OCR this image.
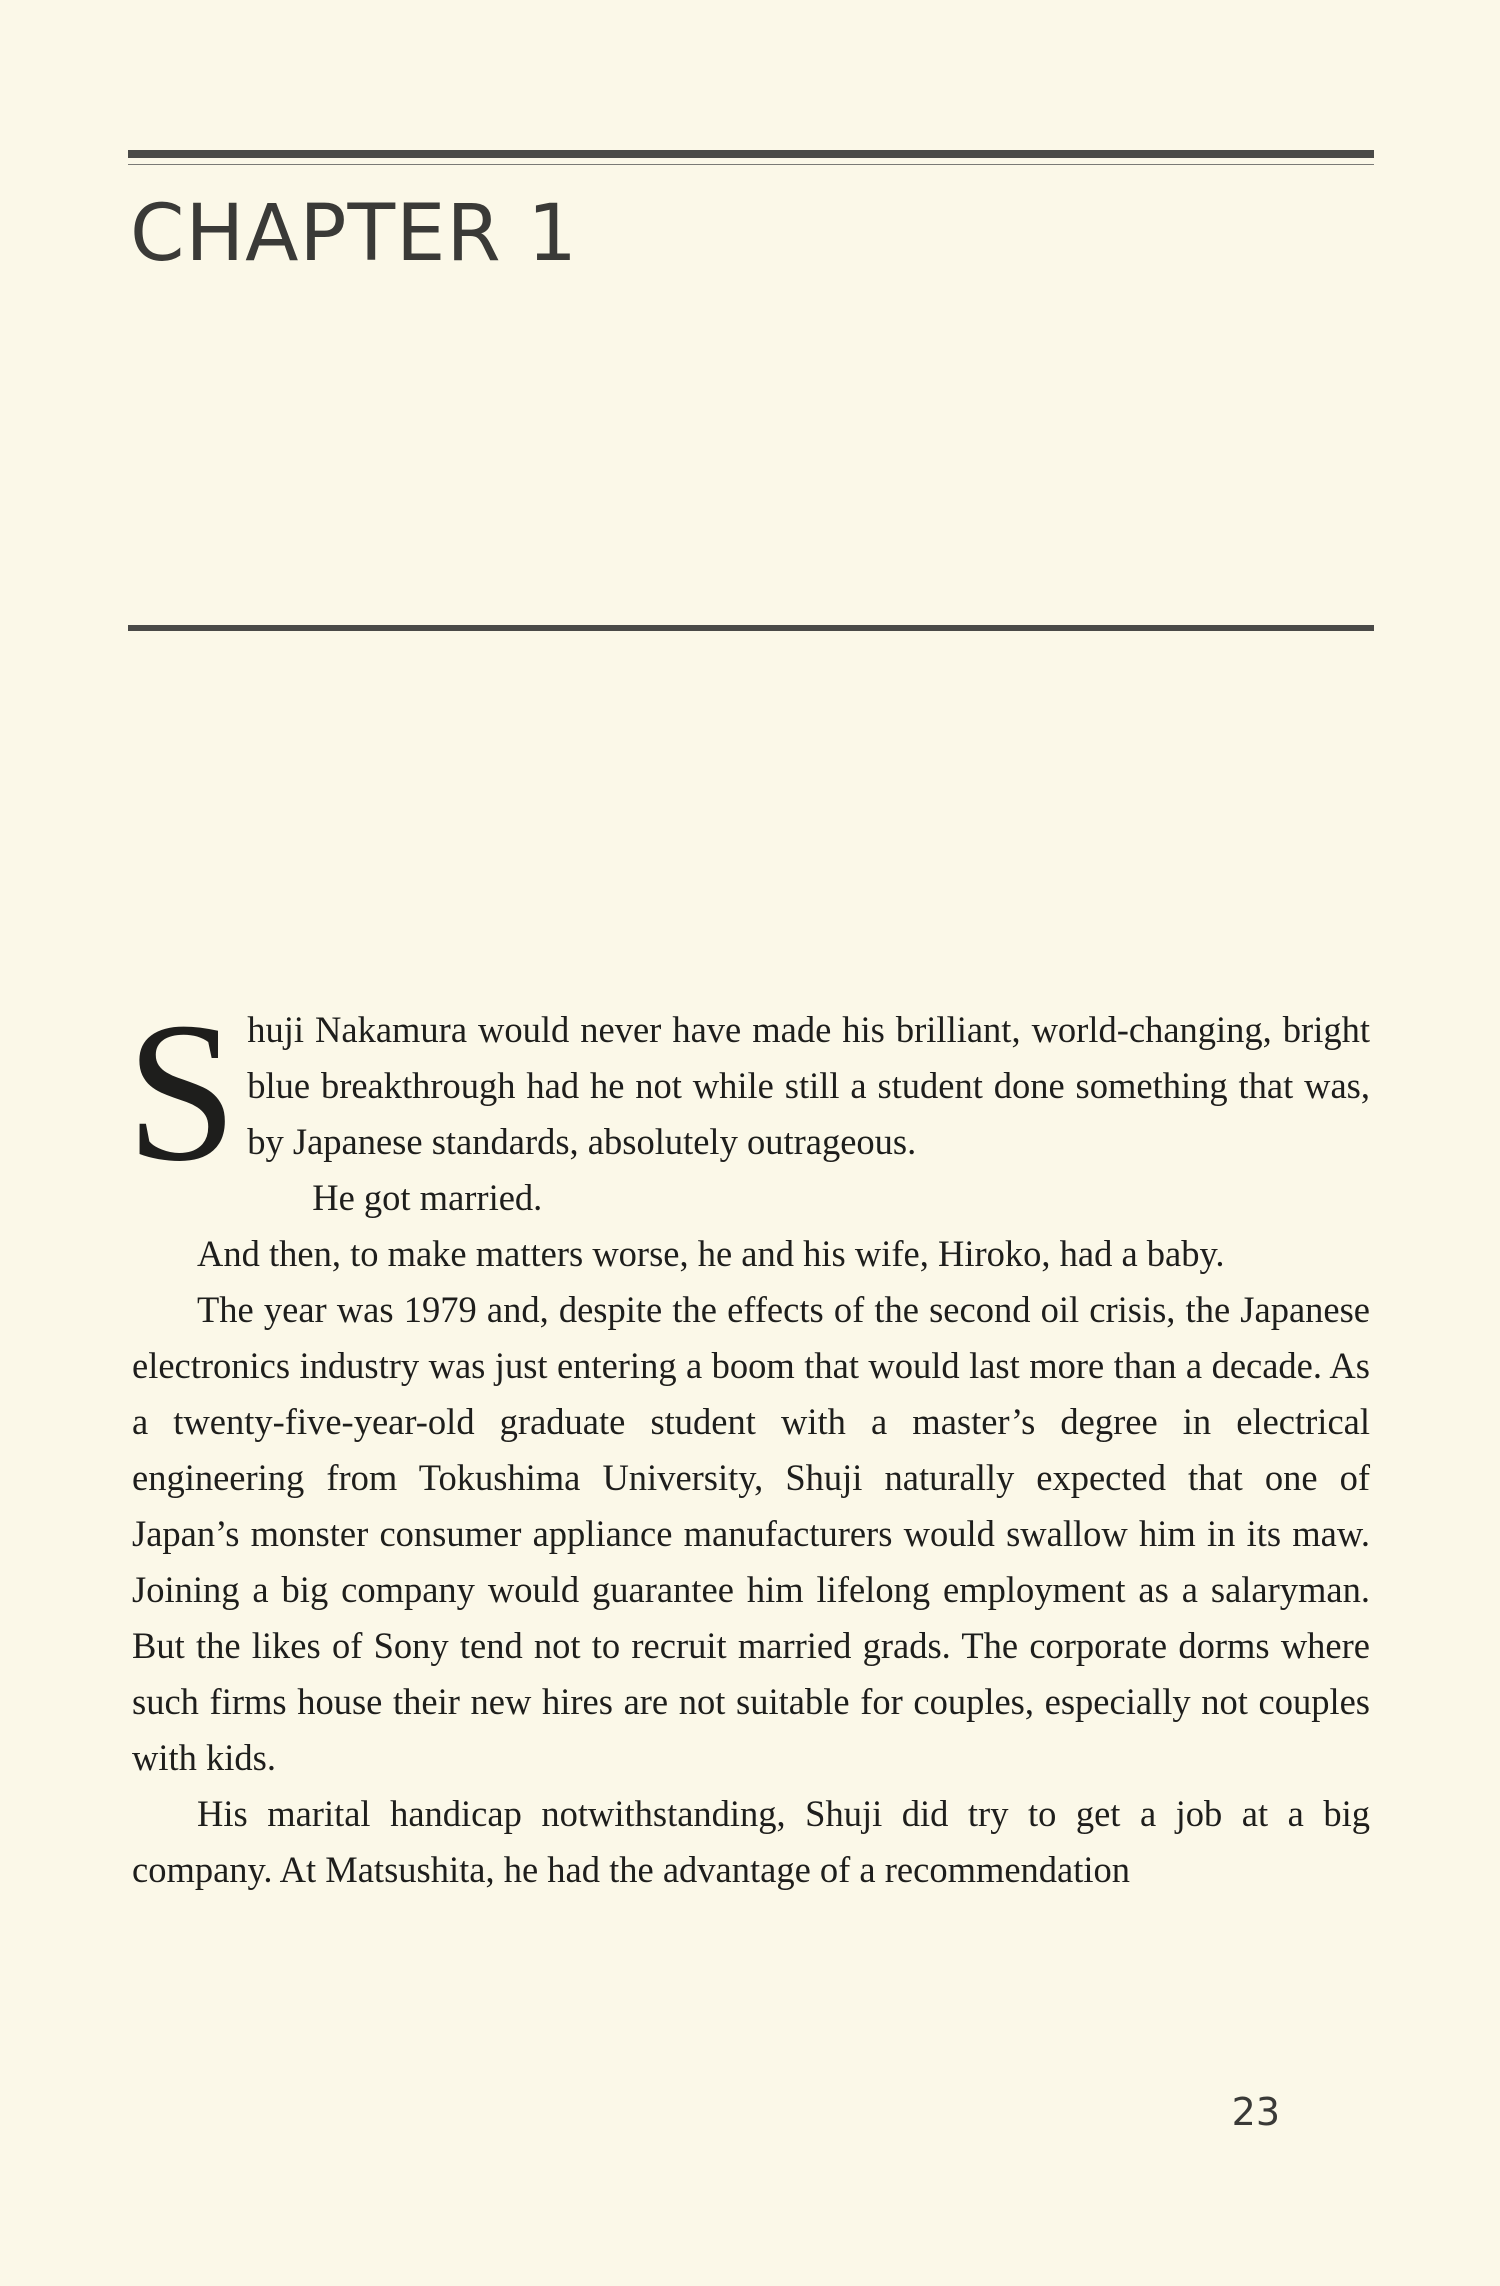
CHAPTER 1

Shuji Nakamura would never have made his brilliant, world-changing, bright blue breakthrough had he not while still a student done something that was, by Japanese standards, absolutely outrageous.

He got married.

And then, to make matters worse, he and his wife, Hiroko, had a baby.

The year was 1979 and, despite the effects of the second oil crisis, the Japanese electronics industry was just entering a boom that would last more than a decade. As a twenty-five-year-old graduate student with a master’s degree in electrical engineering from Tokushima University, Shuji naturally expected that one of Japan’s monster consumer appliance manufacturers would swallow him in its maw. Joining a big company would guarantee him lifelong employment as a salaryman. But the likes of Sony tend not to recruit married grads. The corporate dorms where such firms house their new hires are not suitable for couples, especially not couples with kids.

His marital handicap notwithstanding, Shuji did try to get a job at a big company. At Matsushita, he had the advantage of a recommendation

23
